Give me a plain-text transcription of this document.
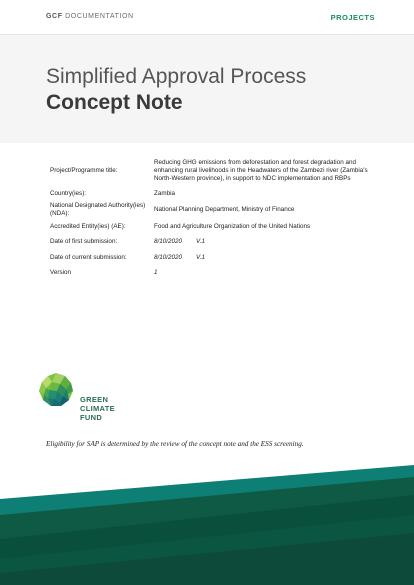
GCF DOCUMENTATION	PROJECTS
Simplified Approval Process
Concept Note
Project/Programme title:
Reducing GHG emissions from deforestation and forest degradation and enhancing rural livelihoods in the Headwaters of the Zambezi river (Zambia's North-Western province), in support to NDC implementation and RBPs
Country(ies):	Zambia
National Designated Authority(ies) (NDA):
National Planning Department, Ministry of Finance
Accredited Entity(ies) (AE):	Food and Agriculture Organization of the United Nations
Date of first submission:	8/10/2020 V.1
Date of current submission:	8/10/2020 V.1
Version	1
GREEN
CLIMATE
FUND
Eligibility for SAP is determined by the review of the concept note and the ESS screening.
